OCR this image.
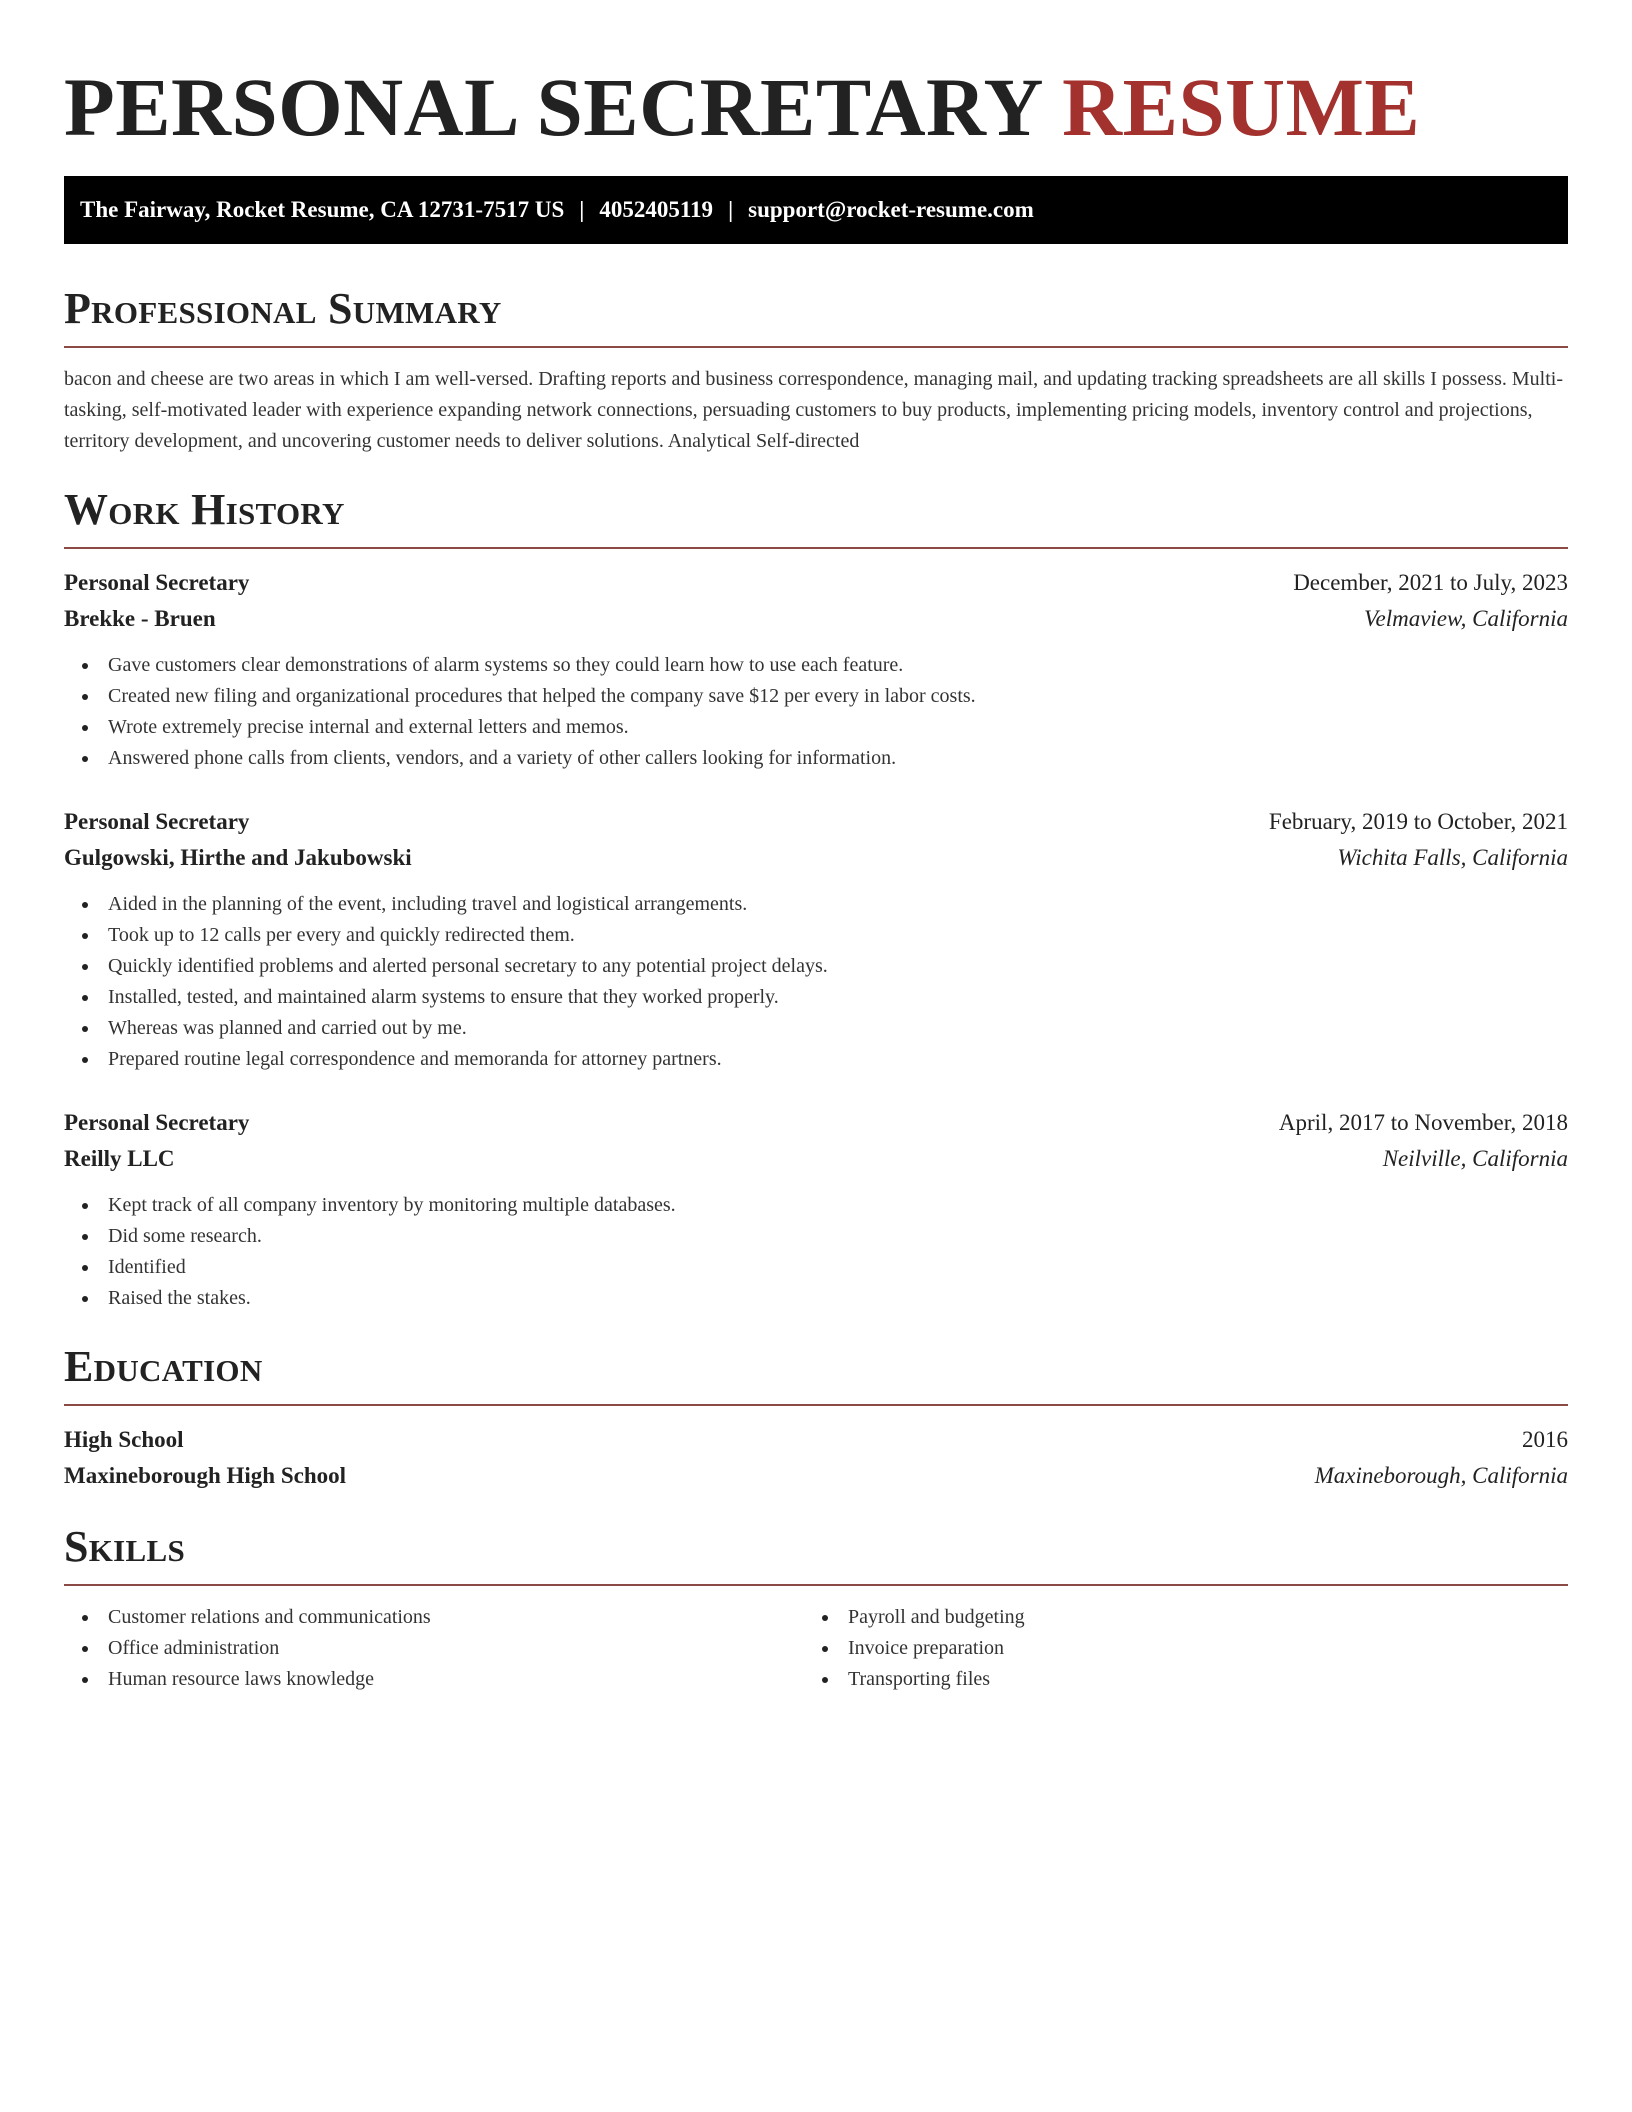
PERSONAL SECRETARY RESUME
The Fairway, Rocket Resume, CA 12731-7517 US | 4052405119 | support@rocket-resume.com
Professional Summary

bacon and cheese are two areas in which I am well-versed. Drafting reports and business correspondence, managing mail, and updating tracking spreadsheets are all skills I possess. Multi-tasking, self-motivated leader with experience expanding network connections, persuading customers to buy products, implementing pricing models, inventory control and projections, territory development, and uncovering customer needs to deliver solutions. Analytical Self-directed

Work History
Personal Secretary	December, 2021 to July, 2023
Brekke - Bruen	Velmaview, California
Gave customers clear demonstrations of alarm systems so they could learn how to use each feature.
Created new filing and organizational procedures that helped the company save $12 per every in labor costs.
Wrote extremely precise internal and external letters and memos.
Answered phone calls from clients, vendors, and a variety of other callers looking for information.
Personal Secretary	February, 2019 to October, 2021
Gulgowski, Hirthe and Jakubowski	Wichita Falls, California
Aided in the planning of the event, including travel and logistical arrangements.
Took up to 12 calls per every and quickly redirected them.
Quickly identified problems and alerted personal secretary to any potential project delays.
Installed, tested, and maintained alarm systems to ensure that they worked properly.
Whereas was planned and carried out by me.
Prepared routine legal correspondence and memoranda for attorney partners.
Personal Secretary	April, 2017 to November, 2018
Reilly LLC	Neilville, California
Kept track of all company inventory by monitoring multiple databases.
Did some research.
Identified
Raised the stakes.
Education
High School	2016
Maxineborough High School	Maxineborough, California
Skills
Customer relations and communications
Office administration
Human resource laws knowledge
Payroll and budgeting
Invoice preparation
Transporting files
